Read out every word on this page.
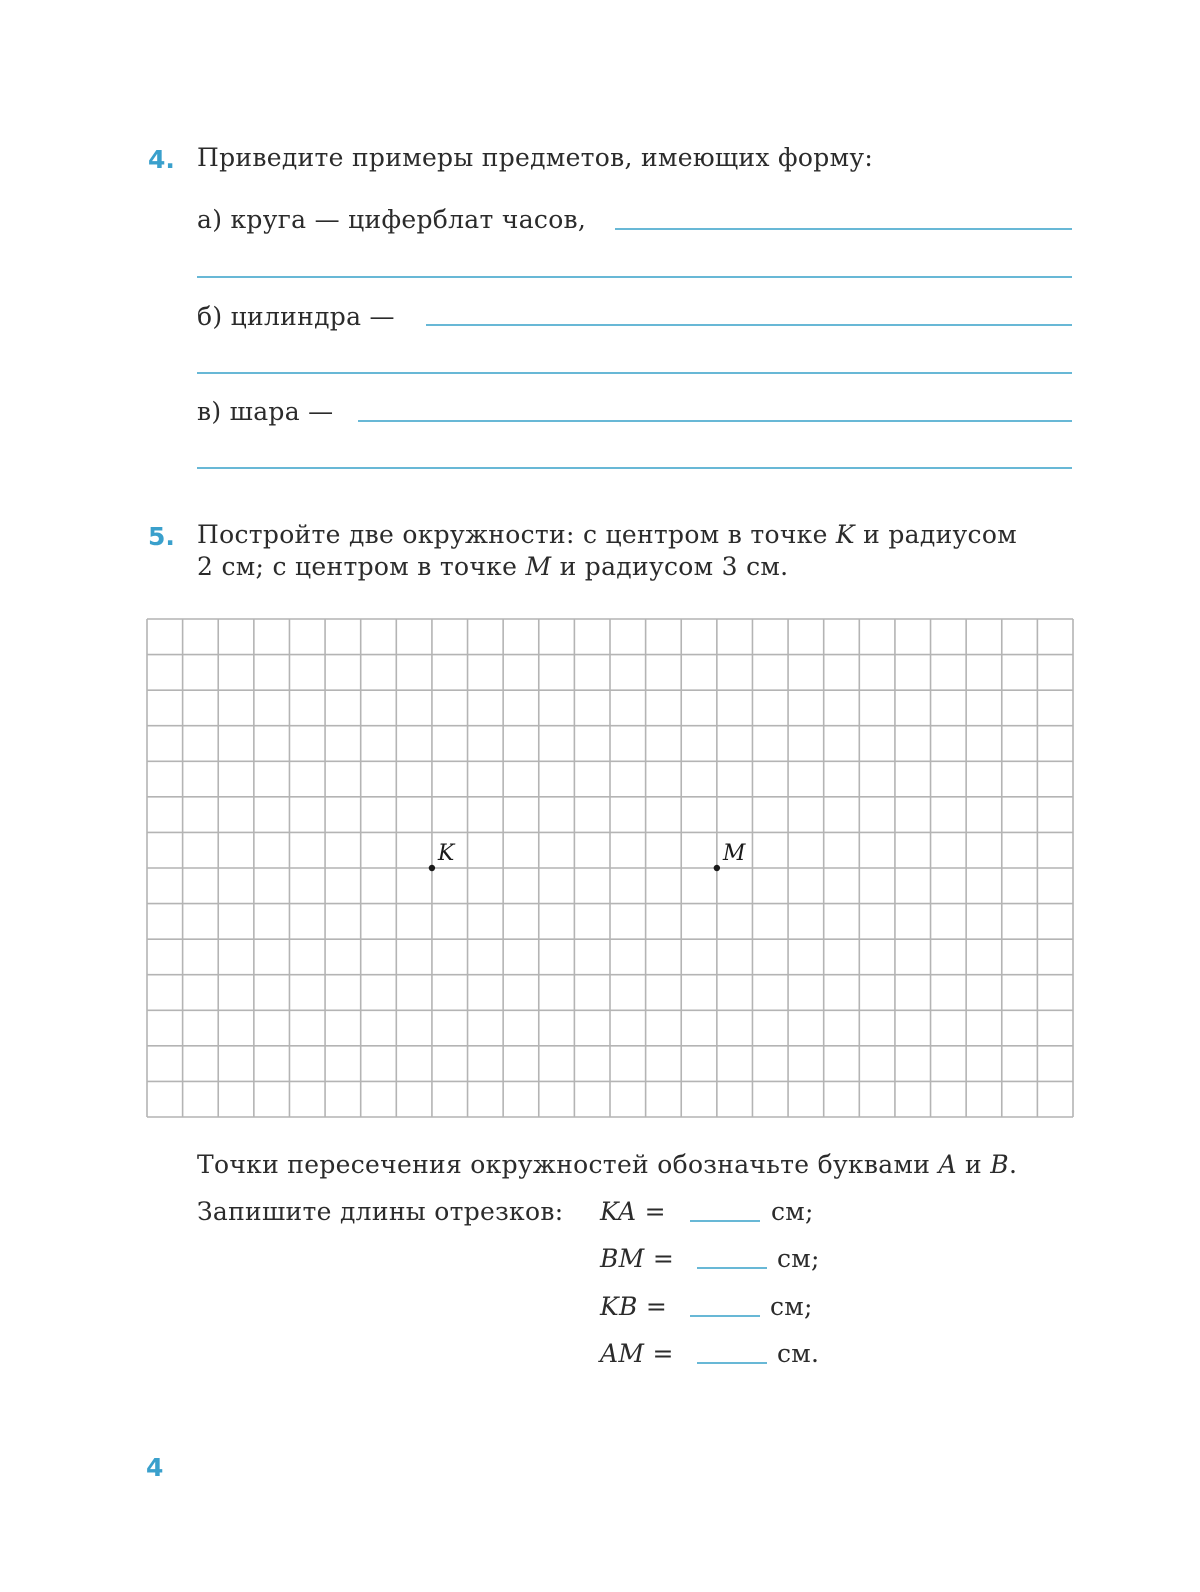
4. Приведите примеры предметов, имеющих форму:
а) круга — циферблат часов,
б) цилиндра —
в) шара —
5. Постройте две окружности: с центром в точке K и радиусом
2 см; с центром в точке M и радиусом 3 см.
K	M
Точки пересечения окружностей обозначьте буквами A и B.
Запишите длины отрезков: KA =	см;
BM =	см;
KB =	см;
AM =	см.
4
